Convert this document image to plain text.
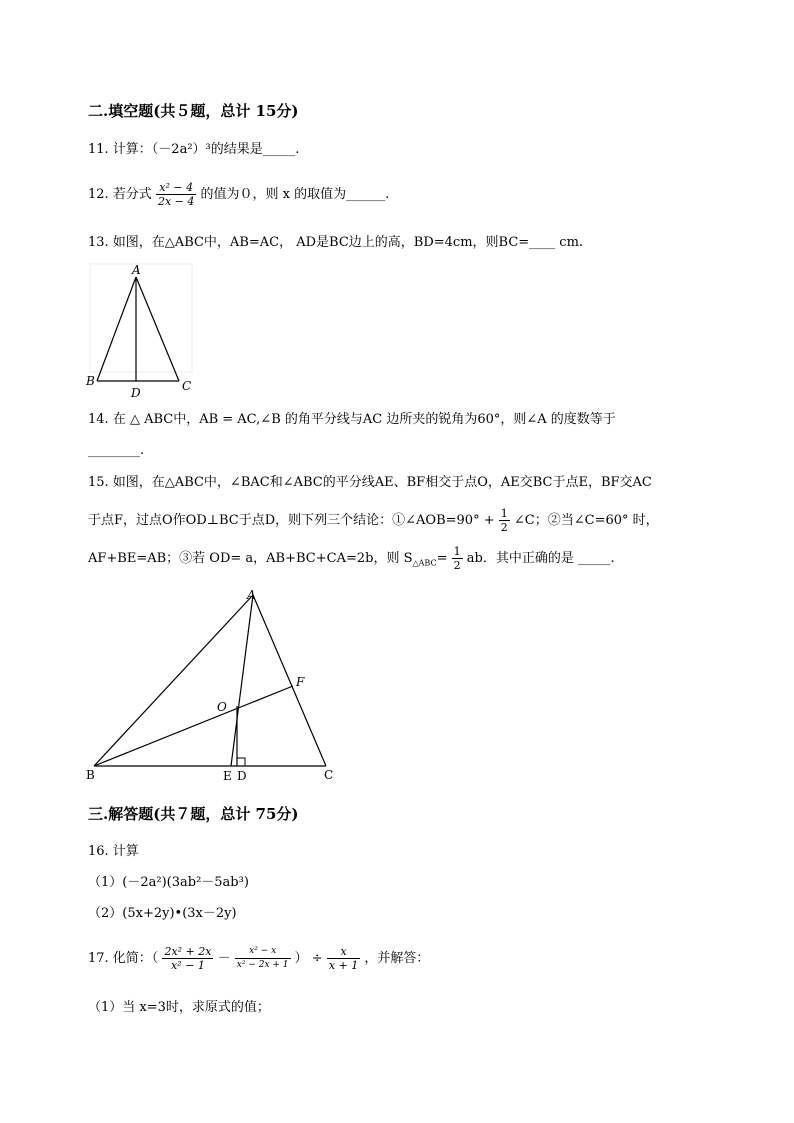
二.填空题(共５题，总计 15分)
11. 计算：（－2a²）³的结果是_____.
12. 若分式 $\frac{\text{x² − 4}}{2x - 4}$ 的值为０，则 x 的取值为______.
13. 如图，在△ABC中，AB=AC， AD是BC边上的高，BD=4cm，则BC=____ cm.
A
B	C
D
14. 在 △ ABC中，AB = AC,∠B 的角平分线与AC 边所夹的锐角为60°，则∠A 的度数等于
________.
15. 如图，在△ABC中，∠BAC和∠ABC的平分线AE、BF相交于点O，AE交BC于点E，BF交AC
于点F，过点O作OD⊥BC于点D，则下列三个结论：①∠AOB=90° + $\frac{1}{2}$ ∠C；②当∠C=60° 时，
AF+BE=AB；③若 OD= a，AB+BC+CA=2b，则 $S_{\triangle ABC}= \frac{1}{2}$ ab．其中正确的是 _____.
A
B	C
E D
F
O
三.解答题(共７题，总计 75分)
16. 计算
（1）(－2a²)(3ab²－5ab³)
（2）(5x+2y)•(3x－2y)
17. 化简：（ $\frac{\text{2x² + 2x}}{\text{x² − 1}} - \frac{\text{x² − x}}{\text{x² − 2x + 1}}$ ） ÷ $\frac{x}{x + 1}$ ，并解答：
（1）当 x=3时，求原式的值；
